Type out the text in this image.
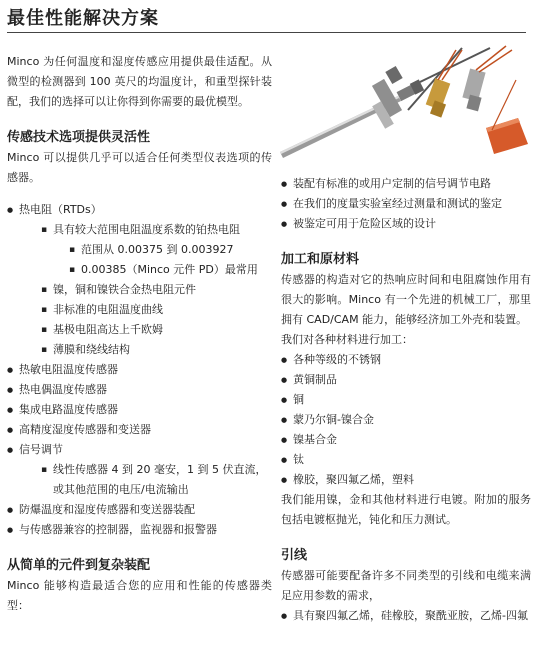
最佳性能解决方案

Minco 为任何温度和湿度传感应用提供最佳适配。从微型的检测器到 100 英尺的均温度计，和重型探针装配，我们的选择可以让你得到你需要的最优模型。

传感技术选项提供灵活性

Minco 可以提供几乎可以适合任何类型仪表选项的传感器。

● 热电阻（RTDs）
▪ 具有较大范围电阻温度系数的铂热电阻
▪ 范围从 0.00375 到 0.003927
▪ 0.00385（Minco 元件 PD）最常用
▪ 镍，铜和镍铁合金热电阻元件
▪ 非标准的电阻温度曲线
▪ 基极电阻高达上千欧姆
▪ 薄膜和绕线结构
● 热敏电阻温度传感器
● 热电偶温度传感器
● 集成电路温度传感器
● 高精度湿度传感器和变送器
● 信号调节
▪ 线性传感器 4 到 20 毫安，1 到 5 伏直流，或其他范围的电压/电流输出
● 防爆温度和湿度传感器和变送器装配
● 与传感器兼容的控制器，监视器和报警器
从简单的元件到复杂装配

Minco 能够构造最适合您的应用和性能的传感器类型：

● 装配有标准的或用户定制的信号调节电路
● 在我们的度量实验室经过测量和测试的鉴定
● 被鉴定可用于危险区域的设计
加工和原材料

传感器的构造对它的热响应时间和电阻腐蚀作用有很大的影响。Minco 有一个先进的机械工厂，那里拥有 CAD/CAM 能力，能够经济加工外壳和装置。

我们对各种材料进行加工：

● 各种等级的不锈钢
● 黄铜制品
● 铜
● 蒙乃尔铜-镍合金
● 镍基合金
● 钛
● 橡胶，聚四氟乙烯，塑料

我们能用镍，金和其他材料进行电镀。附加的服务包括电镀枢抛光，钝化和压力测试。

引线

传感器可能要配备许多不同类型的引线和电缆来满足应用参数的需求，

● 具有聚四氟乙烯，硅橡胶，聚酰亚胺，乙烯-四氟
